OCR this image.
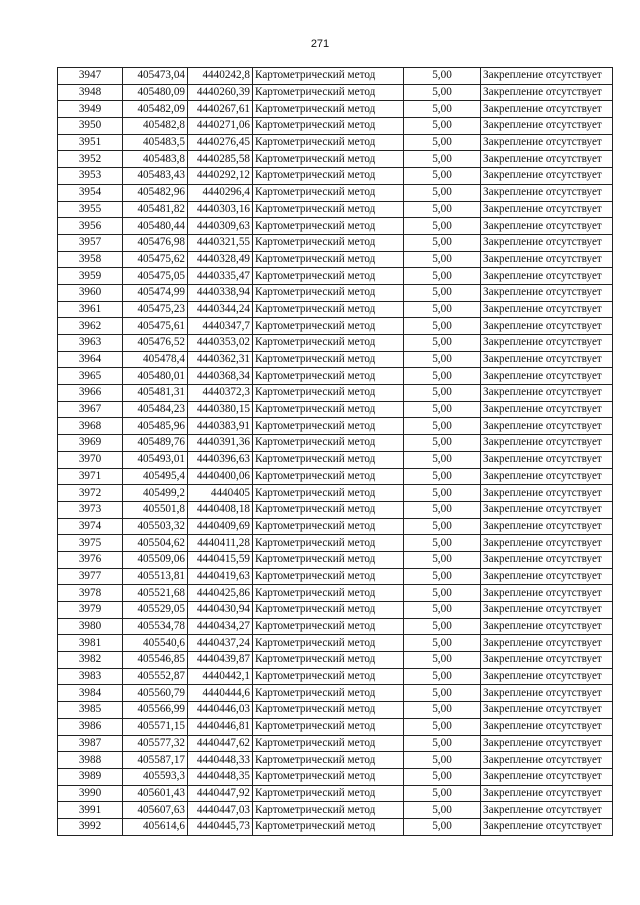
271
3947	405473,04	4440242,8	Картометрический метод	5,00	Закрепление отсутствует
3948	405480,09	4440260,39	Картометрический метод	5,00	Закрепление отсутствует
3949	405482,09	4440267,61	Картометрический метод	5,00	Закрепление отсутствует
3950	405482,8	4440271,06	Картометрический метод	5,00	Закрепление отсутствует
3951	405483,5	4440276,45	Картометрический метод	5,00	Закрепление отсутствует
3952	405483,8	4440285,58	Картометрический метод	5,00	Закрепление отсутствует
3953	405483,43	4440292,12	Картометрический метод	5,00	Закрепление отсутствует
3954	405482,96	4440296,4	Картометрический метод	5,00	Закрепление отсутствует
3955	405481,82	4440303,16	Картометрический метод	5,00	Закрепление отсутствует
3956	405480,44	4440309,63	Картометрический метод	5,00	Закрепление отсутствует
3957	405476,98	4440321,55	Картометрический метод	5,00	Закрепление отсутствует
3958	405475,62	4440328,49	Картометрический метод	5,00	Закрепление отсутствует
3959	405475,05	4440335,47	Картометрический метод	5,00	Закрепление отсутствует
3960	405474,99	4440338,94	Картометрический метод	5,00	Закрепление отсутствует
3961	405475,23	4440344,24	Картометрический метод	5,00	Закрепление отсутствует
3962	405475,61	4440347,7	Картометрический метод	5,00	Закрепление отсутствует
3963	405476,52	4440353,02	Картометрический метод	5,00	Закрепление отсутствует
3964	405478,4	4440362,31	Картометрический метод	5,00	Закрепление отсутствует
3965	405480,01	4440368,34	Картометрический метод	5,00	Закрепление отсутствует
3966	405481,31	4440372,3	Картометрический метод	5,00	Закрепление отсутствует
3967	405484,23	4440380,15	Картометрический метод	5,00	Закрепление отсутствует
3968	405485,96	4440383,91	Картометрический метод	5,00	Закрепление отсутствует
3969	405489,76	4440391,36	Картометрический метод	5,00	Закрепление отсутствует
3970	405493,01	4440396,63	Картометрический метод	5,00	Закрепление отсутствует
3971	405495,4	4440400,06	Картометрический метод	5,00	Закрепление отсутствует
3972	405499,2	4440405	Картометрический метод	5,00	Закрепление отсутствует
3973	405501,8	4440408,18	Картометрический метод	5,00	Закрепление отсутствует
3974	405503,32	4440409,69	Картометрический метод	5,00	Закрепление отсутствует
3975	405504,62	4440411,28	Картометрический метод	5,00	Закрепление отсутствует
3976	405509,06	4440415,59	Картометрический метод	5,00	Закрепление отсутствует
3977	405513,81	4440419,63	Картометрический метод	5,00	Закрепление отсутствует
3978	405521,68	4440425,86	Картометрический метод	5,00	Закрепление отсутствует
3979	405529,05	4440430,94	Картометрический метод	5,00	Закрепление отсутствует
3980	405534,78	4440434,27	Картометрический метод	5,00	Закрепление отсутствует
3981	405540,6	4440437,24	Картометрический метод	5,00	Закрепление отсутствует
3982	405546,85	4440439,87	Картометрический метод	5,00	Закрепление отсутствует
3983	405552,87	4440442,1	Картометрический метод	5,00	Закрепление отсутствует
3984	405560,79	4440444,6	Картометрический метод	5,00	Закрепление отсутствует
3985	405566,99	4440446,03	Картометрический метод	5,00	Закрепление отсутствует
3986	405571,15	4440446,81	Картометрический метод	5,00	Закрепление отсутствует
3987	405577,32	4440447,62	Картометрический метод	5,00	Закрепление отсутствует
3988	405587,17	4440448,33	Картометрический метод	5,00	Закрепление отсутствует
3989	405593,3	4440448,35	Картометрический метод	5,00	Закрепление отсутствует
3990	405601,43	4440447,92	Картометрический метод	5,00	Закрепление отсутствует
3991	405607,63	4440447,03	Картометрический метод	5,00	Закрепление отсутствует
3992	405614,6	4440445,73	Картометрический метод	5,00	Закрепление отсутствует
